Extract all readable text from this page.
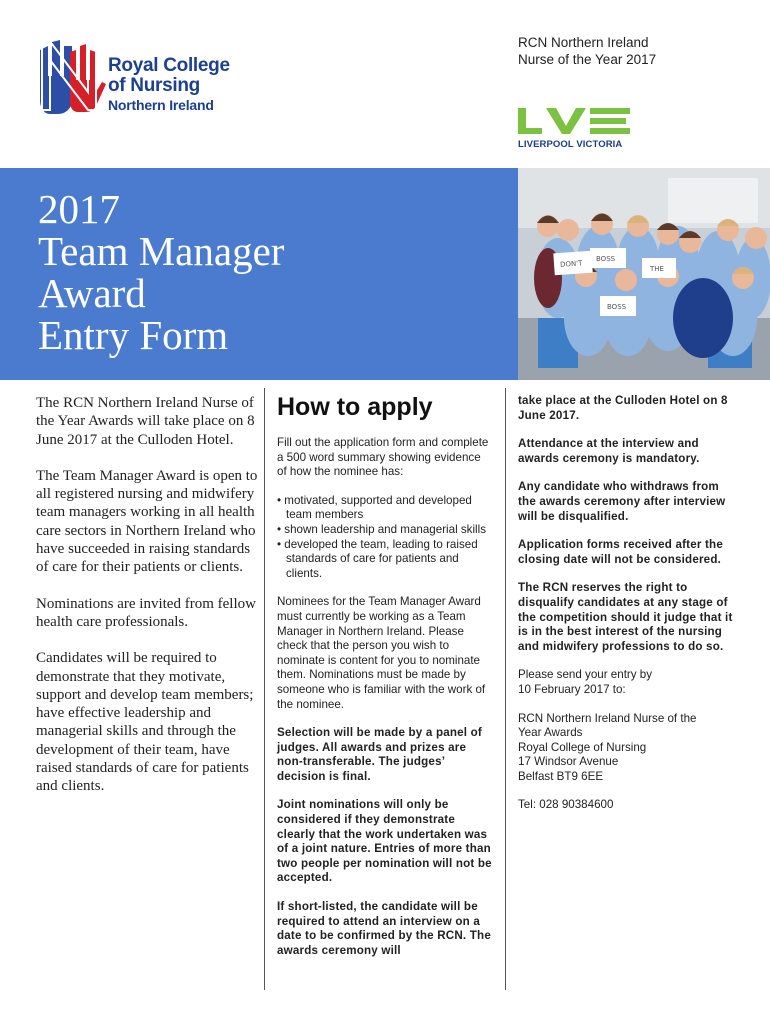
Royal College
of Nursing
Northern Ireland
RCN Northern Ireland
Nurse of the Year 2017
LIVERPOOL VICTORIA
2017
Team Manager
Award
Entry Form
DON'T
BOSS
THE
BOSS

The RCN Northern Ireland Nurse of the Year Awards will take place on 8 June 2017 at the Culloden Hotel.

The Team Manager Award is open to all registered nursing and midwifery team managers working in all health care sectors in Northern Ireland who have succeeded in raising standards of care for their patients or clients.

Nominations are invited from fellow health care professionals.

Candidates will be required to demonstrate that they motivate, support and develop team members; have effective leadership and managerial skills and through the development of their team, have raised standards of care for patients and clients.

How to apply

Fill out the application form and complete a 500 word summary showing evidence of how the nominee has:

• motivated, supported and developed team members
• shown leadership and managerial skills
• developed the team, leading to raised standards of care for patients and clients.

Nominees for the Team Manager Award must currently be working as a Team Manager in Northern Ireland. Please check that the person you wish to nominate is content for you to nominate them. Nominations must be made by someone who is familiar with the work of the nominee.

Selection will be made by a panel of judges. All awards and prizes are non-transferable. The judges’ decision is final.

Joint nominations will only be considered if they demonstrate clearly that the work undertaken was of a joint nature. Entries of more than two people per nomination will not be accepted.

If short-listed, the candidate will be required to attend an interview on a date to be confirmed by the RCN. The awards ceremony will

take place at the Culloden Hotel on 8 June 2017.

Attendance at the interview and awards ceremony is mandatory.

Any candidate who withdraws from the awards ceremony after interview will be disqualified.

Application forms received after the closing date will not be considered.

The RCN reserves the right to disqualify candidates at any stage of the competition should it judge that it is in the best interest of the nursing and midwifery professions to do so.

Please send your entry by
10 February 2017 to:

RCN Northern Ireland Nurse of the
Year Awards
Royal College of Nursing
17 Windsor Avenue
Belfast BT9 6EE

Tel: 028 90384600
